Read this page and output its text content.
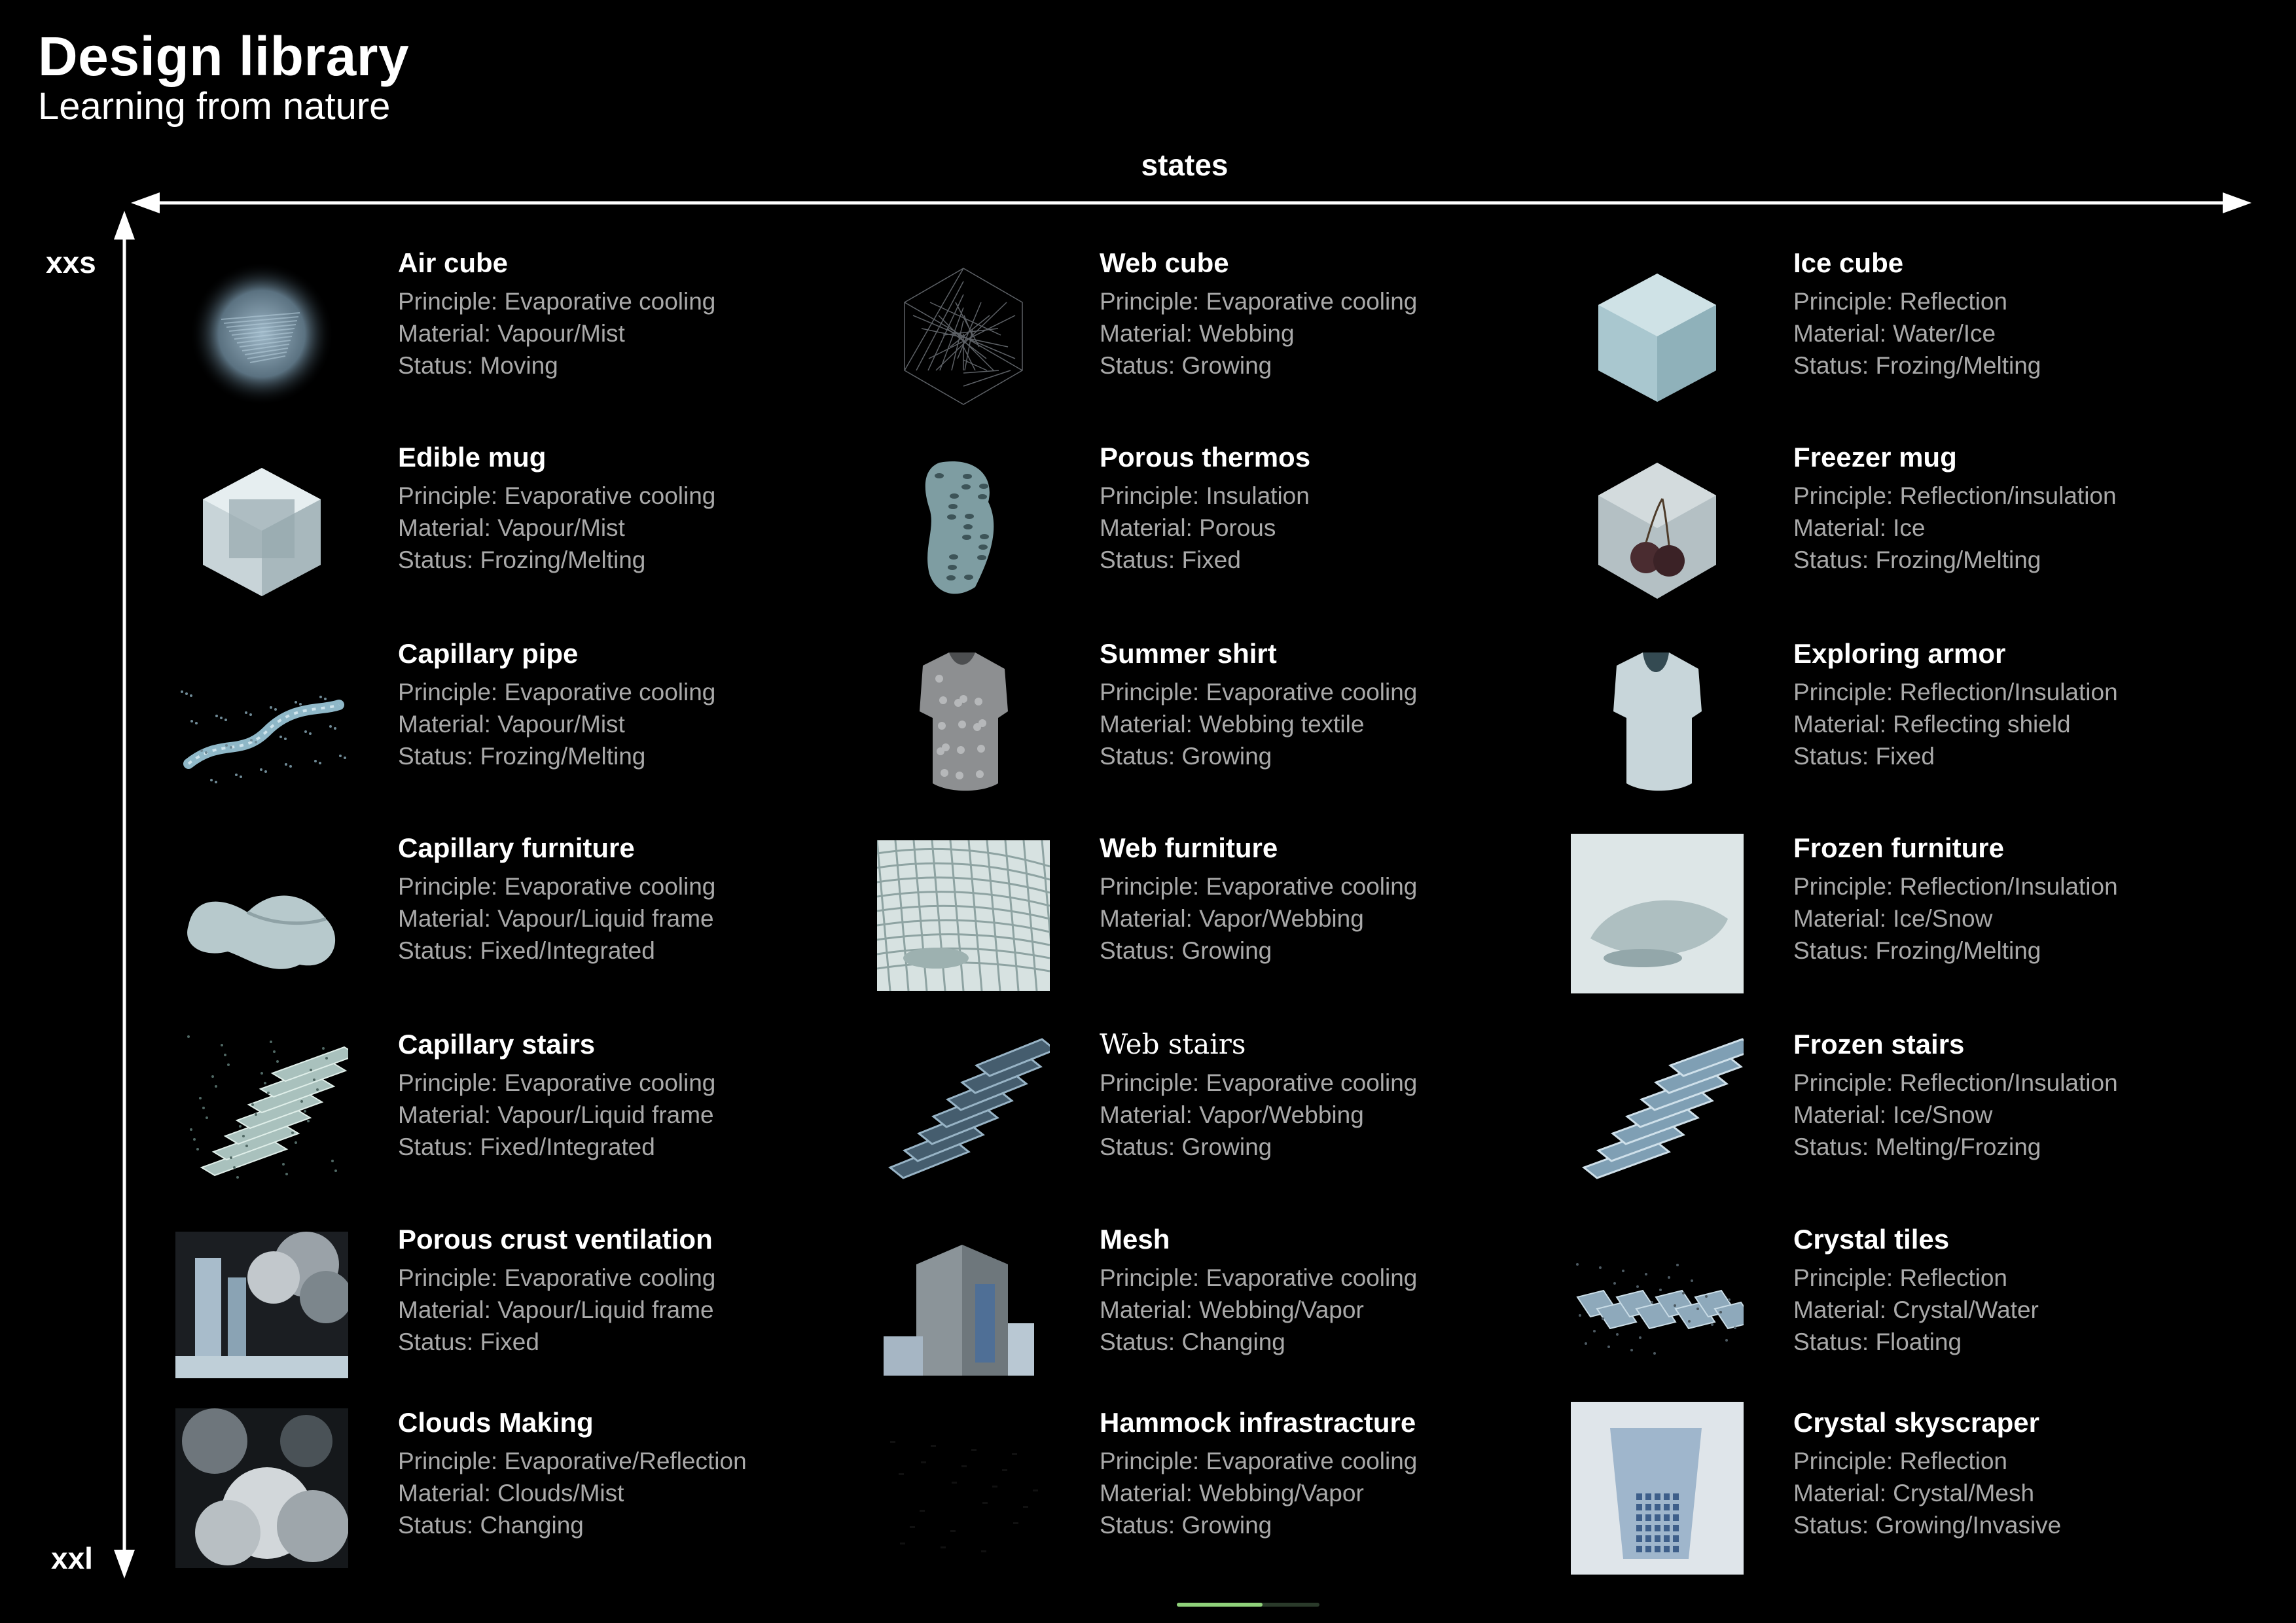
Design library
Learning from nature
states
xxs
xxl
Air cube
Principle: Evaporative cooling
Material: Vapour/Mist
Status: Moving
Edible mug
Principle: Evaporative cooling
Material: Vapour/Mist
Status: Frozing/Melting
Capillary pipe
Principle: Evaporative cooling
Material: Vapour/Mist
Status: Frozing/Melting
Capillary furniture
Principle: Evaporative cooling
Material: Vapour/Liquid frame
Status: Fixed/Integrated
Capillary stairs
Principle: Evaporative cooling
Material: Vapour/Liquid frame
Status: Fixed/Integrated
Porous crust ventilation
Principle: Evaporative cooling
Material: Vapour/Liquid frame
Status: Fixed
Clouds Making
Principle: Evaporative/Reflection
Material: Clouds/Mist
Status: Changing
Web cube
Principle: Evaporative cooling
Material: Webbing
Status: Growing
Porous thermos
Principle: Insulation
Material: Porous
Status: Fixed
Summer shirt
Principle: Evaporative cooling
Material: Webbing textile
Status: Growing
Web furniture
Principle: Evaporative cooling
Material: Vapor/Webbing
Status: Growing
Web stairs
Principle: Evaporative cooling
Material: Vapor/Webbing
Status: Growing
Mesh
Principle: Evaporative cooling
Material: Webbing/Vapor
Status: Changing
Hammock infrastracture
Principle: Evaporative cooling
Material: Webbing/Vapor
Status: Growing
Ice cube
Principle: Reflection
Material: Water/Ice
Status: Frozing/Melting
Freezer mug
Principle: Reflection/insulation
Material: Ice
Status: Frozing/Melting
Exploring armor
Principle: Reflection/Insulation
Material: Reflecting shield
Status: Fixed
Frozen furniture
Principle: Reflection/Insulation
Material: Ice/Snow
Status: Frozing/Melting
Frozen stairs
Principle: Reflection/Insulation
Material: Ice/Snow
Status: Melting/Frozing
Crystal tiles
Principle: Reflection
Material: Crystal/Water
Status: Floating
Crystal skyscraper
Principle: Reflection
Material: Crystal/Mesh
Status: Growing/Invasive
